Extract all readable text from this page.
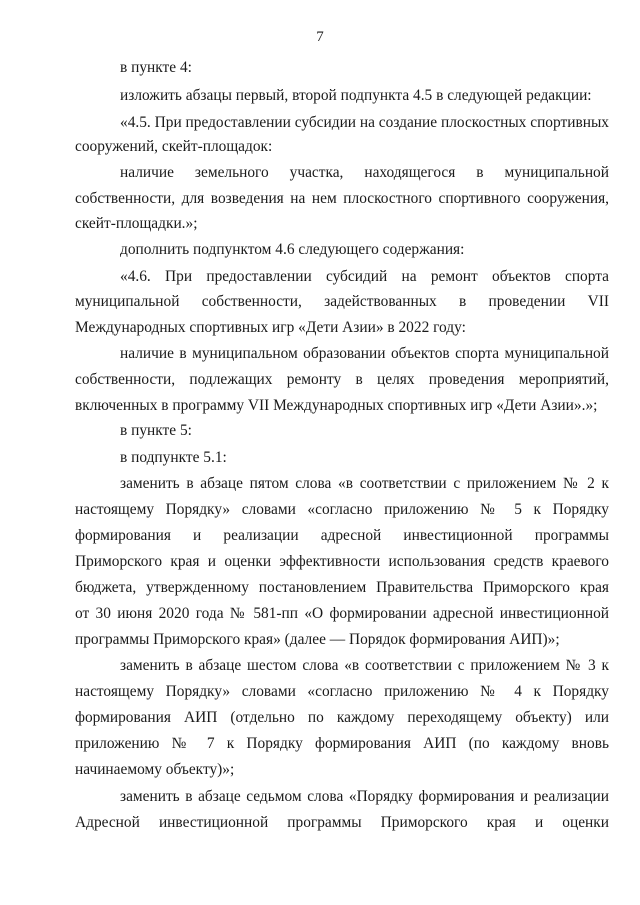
7
в пункте 4:
изложить абзацы первый, второй подпункта 4.5 в следующей редакции:
«4.5. При предоставлении субсидии на создание плоскостных спортивных
сооружений, скейт-площадок:
наличие земельного участка, находящегося в муниципальной
собственности, для возведения на нем плоскостного спортивного сооружения,
скейт-площадки.»;
дополнить подпунктом 4.6 следующего содержания:
«4.6. При предоставлении субсидий на ремонт объектов спорта
муниципальной собственности, задействованных в проведении VII
Международных спортивных игр «Дети Азии» в 2022 году:
наличие в муниципальном образовании объектов спорта муниципальной
собственности, подлежащих ремонту в целях проведения мероприятий,
включенных в программу VII Международных спортивных игр «Дети Азии».»;
в пункте 5:
в подпункте 5.1:
заменить в абзаце пятом слова «в соответствии с приложением № 2 к
настоящему Порядку» словами «согласно приложению № 5 к Порядку
формирования и реализации адресной инвестиционной программы
Приморского края и оценки эффективности использования средств краевого
бюджета, утвержденному постановлением Правительства Приморского края
от 30 июня 2020 года № 581-пп «О формировании адресной инвестиционной
программы Приморского края» (далее — Порядок формирования АИП)»;
заменить в абзаце шестом слова «в соответствии с приложением № 3 к
настоящему Порядку» словами «согласно приложению № 4 к Порядку
формирования АИП (отдельно по каждому переходящему объекту) или
приложению № 7 к Порядку формирования АИП (по каждому вновь
начинаемому объекту)»;
заменить в абзаце седьмом слова «Порядку формирования и реализации
Адресной инвестиционной программы Приморского края и оценки
